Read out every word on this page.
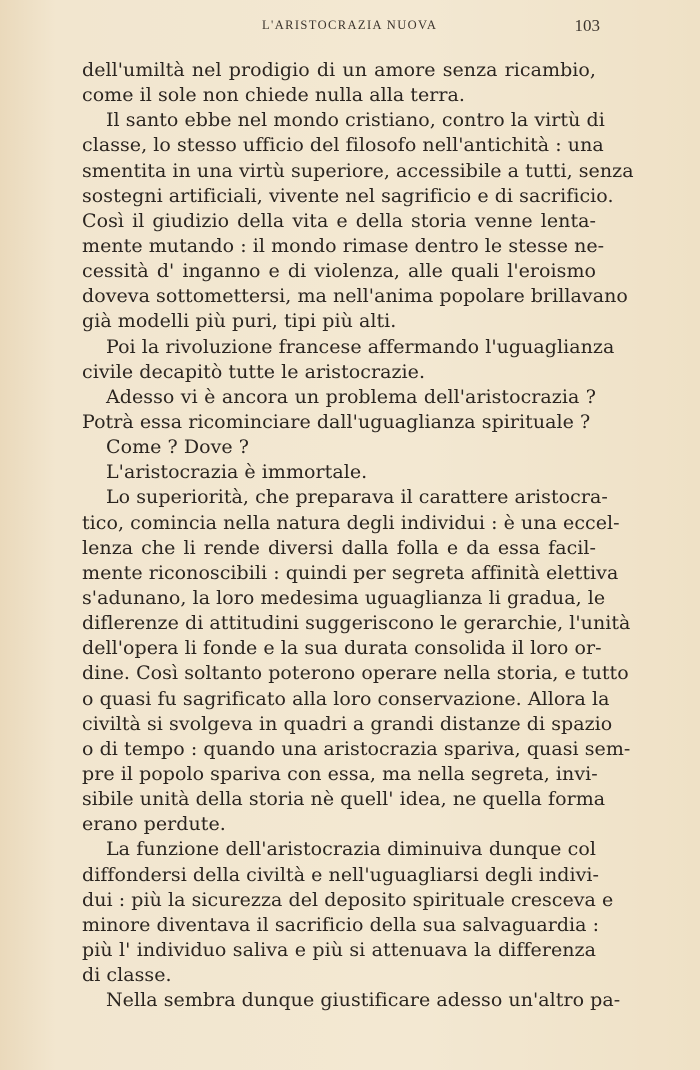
L'ARISTOCRAZIA NUOVA	103
dell'umiltà nel prodigio di un amore senza ricambio,
come il sole non chiede nulla alla terra.
Il santo ebbe nel mondo cristiano, contro la virtù di
classe, lo stesso ufficio del filosofo nell'antichità : una
smentita in una virtù superiore, accessibile a tutti, senza
sostegni artificiali, vivente nel sagrificio e di sacrificio.
Così il giudizio della vita e della storia venne lenta-
mente mutando : il mondo rimase dentro le stesse ne-
cessità d' inganno e di violenza, alle quali l'eroismo
doveva sottomettersi, ma nell'anima popolare brillavano
già modelli più puri, tipi più alti.
Poi la rivoluzione francese affermando l'uguaglianza
civile decapitò tutte le aristocrazie.
Adesso vi è ancora un problema dell'aristocrazia ?
Potrà essa ricominciare dall'uguaglianza spirituale ?
Come ? Dove ?
L'aristocrazia è immortale.
Lo superiorità, che preparava il carattere aristocra-
tico, comincia nella natura degli individui : è una eccel-
lenza che li rende diversi dalla folla e da essa facil-
mente riconoscibili : quindi per segreta affinità elettiva
s'adunano, la loro medesima uguaglianza li gradua, le
diflerenze di attitudini suggeriscono le gerarchie, l'unità
dell'opera li fonde e la sua durata consolida il loro or-
dine. Così soltanto poterono operare nella storia, e tutto
o quasi fu sagrificato alla loro conservazione. Allora la
civiltà si svolgeva in quadri a grandi distanze di spazio
o di tempo : quando una aristocrazia spariva, quasi sem-
pre il popolo spariva con essa, ma nella segreta, invi-
sibile unità della storia nè quell' idea, ne quella forma
erano perdute.
La funzione dell'aristocrazia diminuiva dunque col
diffondersi della civiltà e nell'uguagliarsi degli indivi-
dui : più la sicurezza del deposito spirituale cresceva e
minore diventava il sacrificio della sua salvaguardia :
più l' individuo saliva e più si attenuava la differenza
di classe.
Nella sembra dunque giustificare adesso un'altro pa-
